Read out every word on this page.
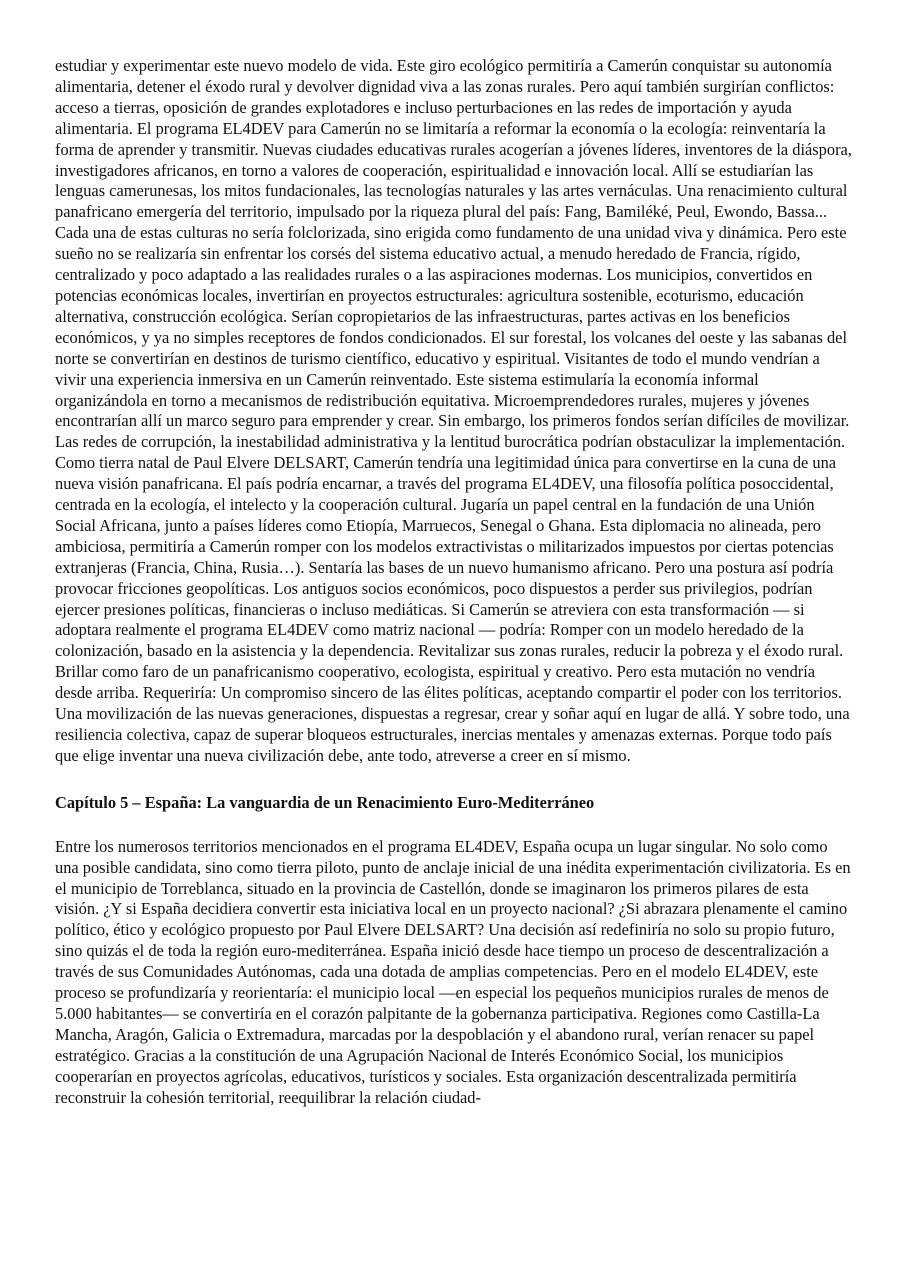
estudiar y experimentar este nuevo modelo de vida. Este giro ecológico permitiría a Camerún conquistar su autonomía alimentaria, detener el éxodo rural y devolver dignidad viva a las zonas rurales. Pero aquí también surgirían conflictos: acceso a tierras, oposición de grandes explotadores e incluso perturbaciones en las redes de importación y ayuda alimentaria. El programa EL4DEV para Camerún no se limitaría a reformar la economía o la ecología: reinventaría la forma de aprender y transmitir. Nuevas ciudades educativas rurales acogerían a jóvenes líderes, inventores de la diáspora, investigadores africanos, en torno a valores de cooperación, espiritualidad e innovación local. Allí se estudiarían las lenguas camerunesas, los mitos fundacionales, las tecnologías naturales y las artes vernáculas. Una renacimiento cultural panafricano emergería del territorio, impulsado por la riqueza plural del país: Fang, Bamiléké, Peul, Ewondo, Bassa... Cada una de estas culturas no sería folclorizada, sino erigida como fundamento de una unidad viva y dinámica. Pero este sueño no se realizaría sin enfrentar los corsés del sistema educativo actual, a menudo heredado de Francia, rígido, centralizado y poco adaptado a las realidades rurales o a las aspiraciones modernas. Los municipios, convertidos en potencias económicas locales, invertirían en proyectos estructurales: agricultura sostenible, ecoturismo, educación alternativa, construcción ecológica. Serían copropietarios de las infraestructuras, partes activas en los beneficios económicos, y ya no simples receptores de fondos condicionados. El sur forestal, los volcanes del oeste y las sabanas del norte se convertirían en destinos de turismo científico, educativo y espiritual. Visitantes de todo el mundo vendrían a vivir una experiencia inmersiva en un Camerún reinventado. Este sistema estimularía la economía informal organizándola en torno a mecanismos de redistribución equitativa. Microemprendedores rurales, mujeres y jóvenes encontrarían allí un marco seguro para emprender y crear. Sin embargo, los primeros fondos serían difíciles de movilizar. Las redes de corrupción, la inestabilidad administrativa y la lentitud burocrática podrían obstaculizar la implementación. Como tierra natal de Paul Elvere DELSART, Camerún tendría una legitimidad única para convertirse en la cuna de una nueva visión panafricana. El país podría encarnar, a través del programa EL4DEV, una filosofía política posoccidental, centrada en la ecología, el intelecto y la cooperación cultural. Jugaría un papel central en la fundación de una Unión Social Africana, junto a países líderes como Etiopía, Marruecos, Senegal o Ghana. Esta diplomacia no alineada, pero ambiciosa, permitiría a Camerún romper con los modelos extractivistas o militarizados impuestos por ciertas potencias extranjeras (Francia, China, Rusia…). Sentaría las bases de un nuevo humanismo africano. Pero una postura así podría provocar fricciones geopolíticas. Los antiguos socios económicos, poco dispuestos a perder sus privilegios, podrían ejercer presiones políticas, financieras o incluso mediáticas. Si Camerún se atreviera con esta transformación — si adoptara realmente el programa EL4DEV como matriz nacional — podría: Romper con un modelo heredado de la colonización, basado en la asistencia y la dependencia. Revitalizar sus zonas rurales, reducir la pobreza y el éxodo rural. Brillar como faro de un panafricanismo cooperativo, ecologista, espiritual y creativo. Pero esta mutación no vendría desde arriba. Requeriría: Un compromiso sincero de las élites políticas, aceptando compartir el poder con los territorios. Una movilización de las nuevas generaciones, dispuestas a regresar, crear y soñar aquí en lugar de allá. Y sobre todo, una resiliencia colectiva, capaz de superar bloqueos estructurales, inercias mentales y amenazas externas. Porque todo país que elige inventar una nueva civilización debe, ante todo, atreverse a creer en sí mismo.

Capítulo 5 – España: La vanguardia de un Renacimiento Euro-Mediterráneo

Entre los numerosos territorios mencionados en el programa EL4DEV, España ocupa un lugar singular. No solo como una posible candidata, sino como tierra piloto, punto de anclaje inicial de una inédita experimentación civilizatoria. Es en el municipio de Torreblanca, situado en la provincia de Castellón, donde se imaginaron los primeros pilares de esta visión. ¿Y si España decidiera convertir esta iniciativa local en un proyecto nacional? ¿Si abrazara plenamente el camino político, ético y ecológico propuesto por Paul Elvere DELSART? Una decisión así redefiniría no solo su propio futuro, sino quizás el de toda la región euro-mediterránea. España inició desde hace tiempo un proceso de descentralización a través de sus Comunidades Autónomas, cada una dotada de amplias competencias. Pero en el modelo EL4DEV, este proceso se profundizaría y reorientaría: el municipio local —en especial los pequeños municipios rurales de menos de 5.000 habitantes— se convertiría en el corazón palpitante de la gobernanza participativa. Regiones como Castilla-La Mancha, Aragón, Galicia o Extremadura, marcadas por la despoblación y el abandono rural, verían renacer su papel estratégico. Gracias a la constitución de una Agrupación Nacional de Interés Económico Social, los municipios cooperarían en proyectos agrícolas, educativos, turísticos y sociales. Esta organización descentralizada permitiría reconstruir la cohesión territorial, reequilibrar la relación ciudad-
